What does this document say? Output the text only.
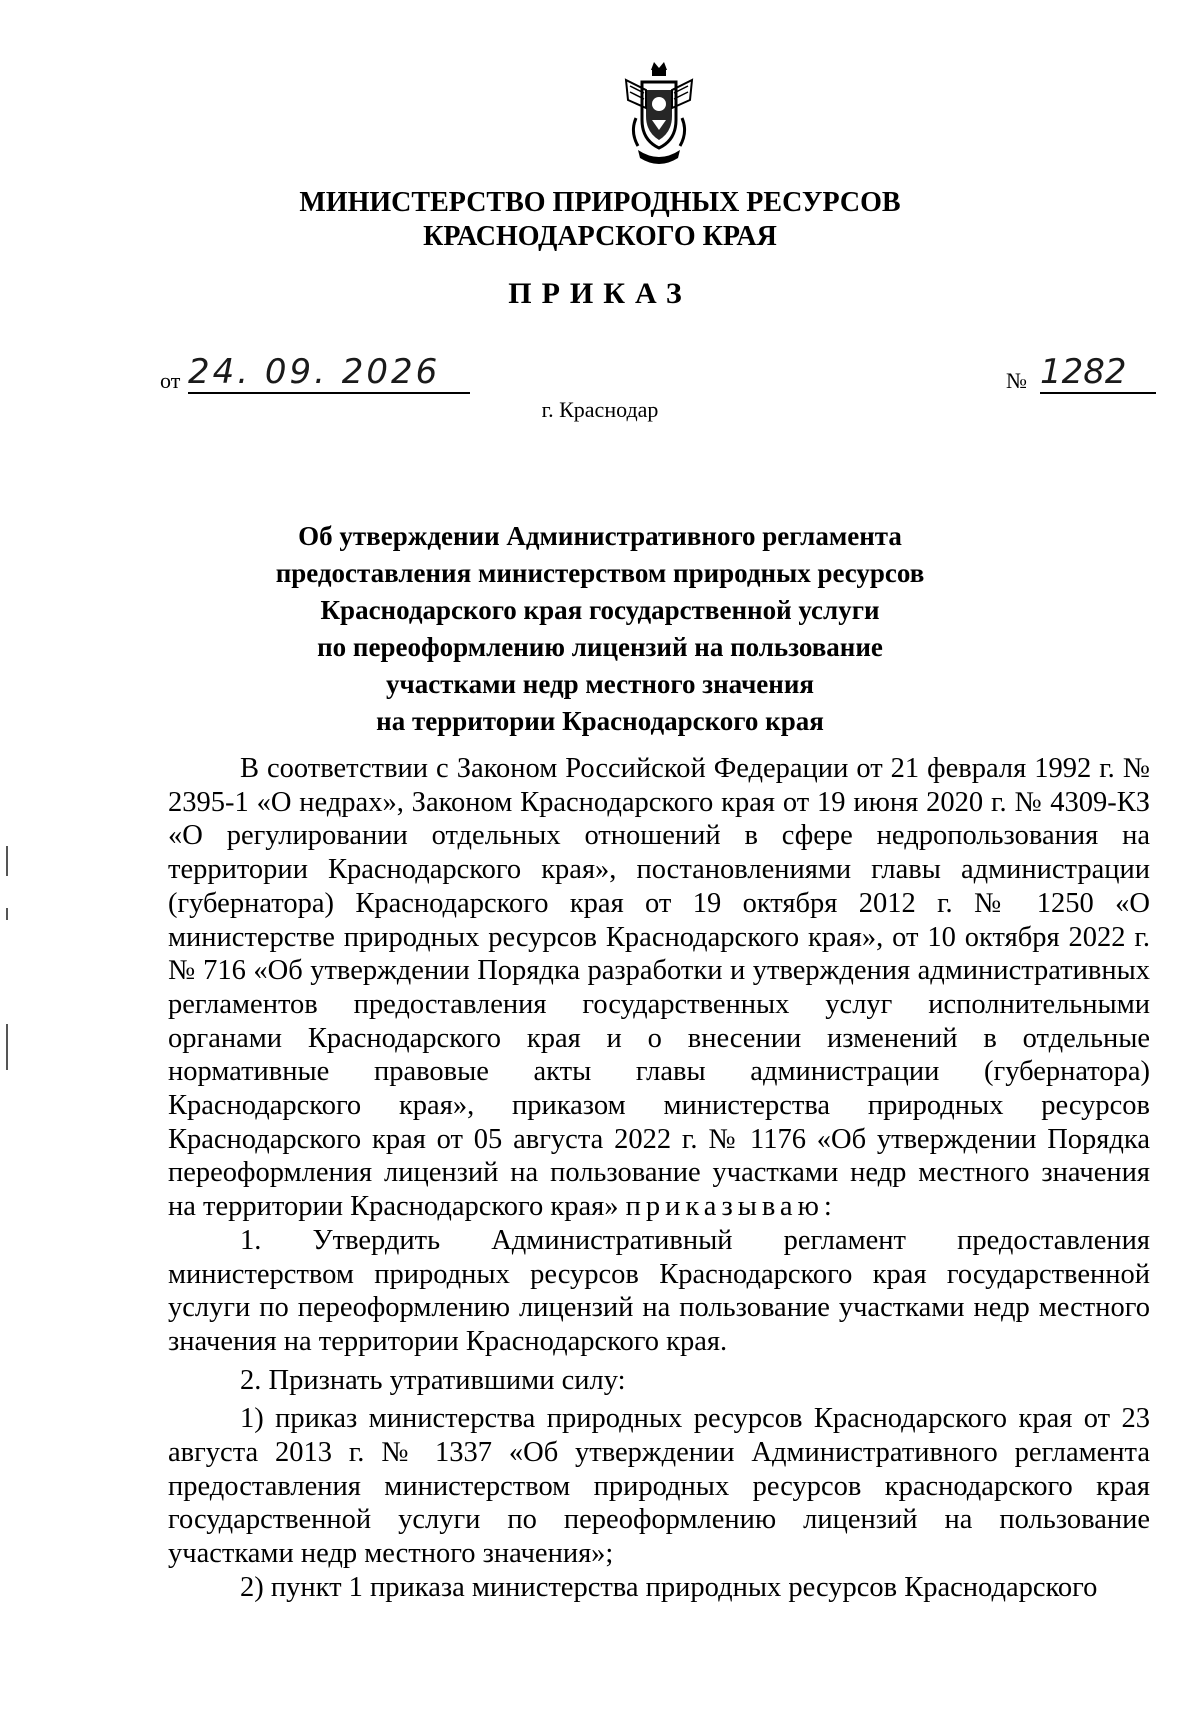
МИНИСТЕРСТВО ПРИРОДНЫХ РЕСУРСОВ
КРАСНОДАРСКОГО КРАЯ
ПРИКАЗ
от 24. 09. 2026	№ 1282
г. Краснодар
Об утверждении Административного регламента
предоставления министерством природных ресурсов
Краснодарского края государственной услуги
по переоформлению лицензий на пользование
участками недр местного значения
на территории Краснодарского края

В соответствии с Законом Российской Федерации от 21 февраля 1992 г. № 2395-1 «О недрах», Законом Краснодарского края от 19 июня 2020 г. № 4309-КЗ «О регулировании отдельных отношений в сфере недропользования на территории Краснодарского края», постановлениями главы администрации (губернатора) Краснодарского края от 19 октября 2012 г. № 1250 «О министерстве природных ресурсов Краснодарского края», от 10 октября 2022 г. № 716 «Об утверждении Порядка разработки и утверждения административных регламентов предоставления государственных услуг исполнительными органами Краснодарского края и о внесении изменений в отдельные нормативные правовые акты главы администрации (губернатора) Краснодарского края», приказом министерства природных ресурсов Краснодарского края от 05 августа 2022 г. № 1176 «Об утверждении Порядка переоформления лицензий на пользование участками недр местного значения на территории Краснодарского края» приказываю:

1. Утвердить Административный регламент предоставления министерством природных ресурсов Краснодарского края государственной услуги по переоформлению лицензий на пользование участками недр местного значения на территории Краснодарского края.

2. Признать утратившими силу:

1) приказ министерства природных ресурсов Краснодарского края от 23 августа 2013 г. № 1337 «Об утверждении Административного регламента предоставления министерством природных ресурсов краснодарского края государственной услуги по переоформлению лицензий на пользование участками недр местного значения»;

2) пункт 1 приказа министерства природных ресурсов Краснодарского
